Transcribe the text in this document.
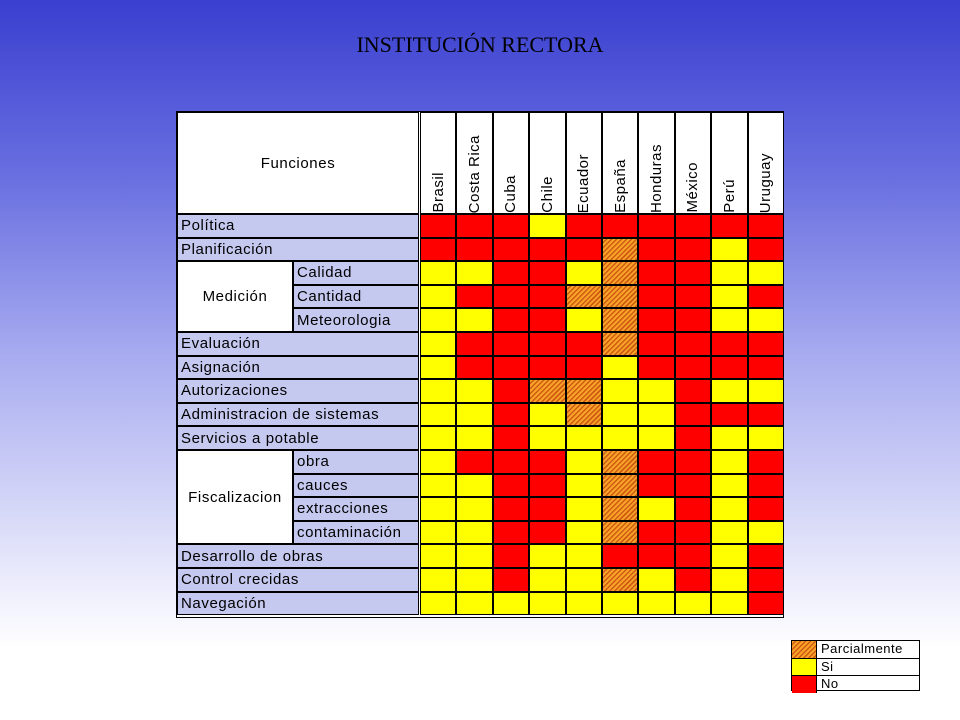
INSTITUCIÓN RECTORA
Funciones
Brasil Costa Rica Cuba Chile Ecuador España Honduras México Perú Uruguay
Política
Planificación
Medición
Calidad
Cantidad
Meteorologia
Evaluación
Asignación
Autorizaciones
Administracion de sistemas
Servicios a potable
Fiscalizacion
obra
cauces
extracciones
contaminación
Desarrollo de obras
Control crecidas
Navegación
Parcialmente
Si
No
